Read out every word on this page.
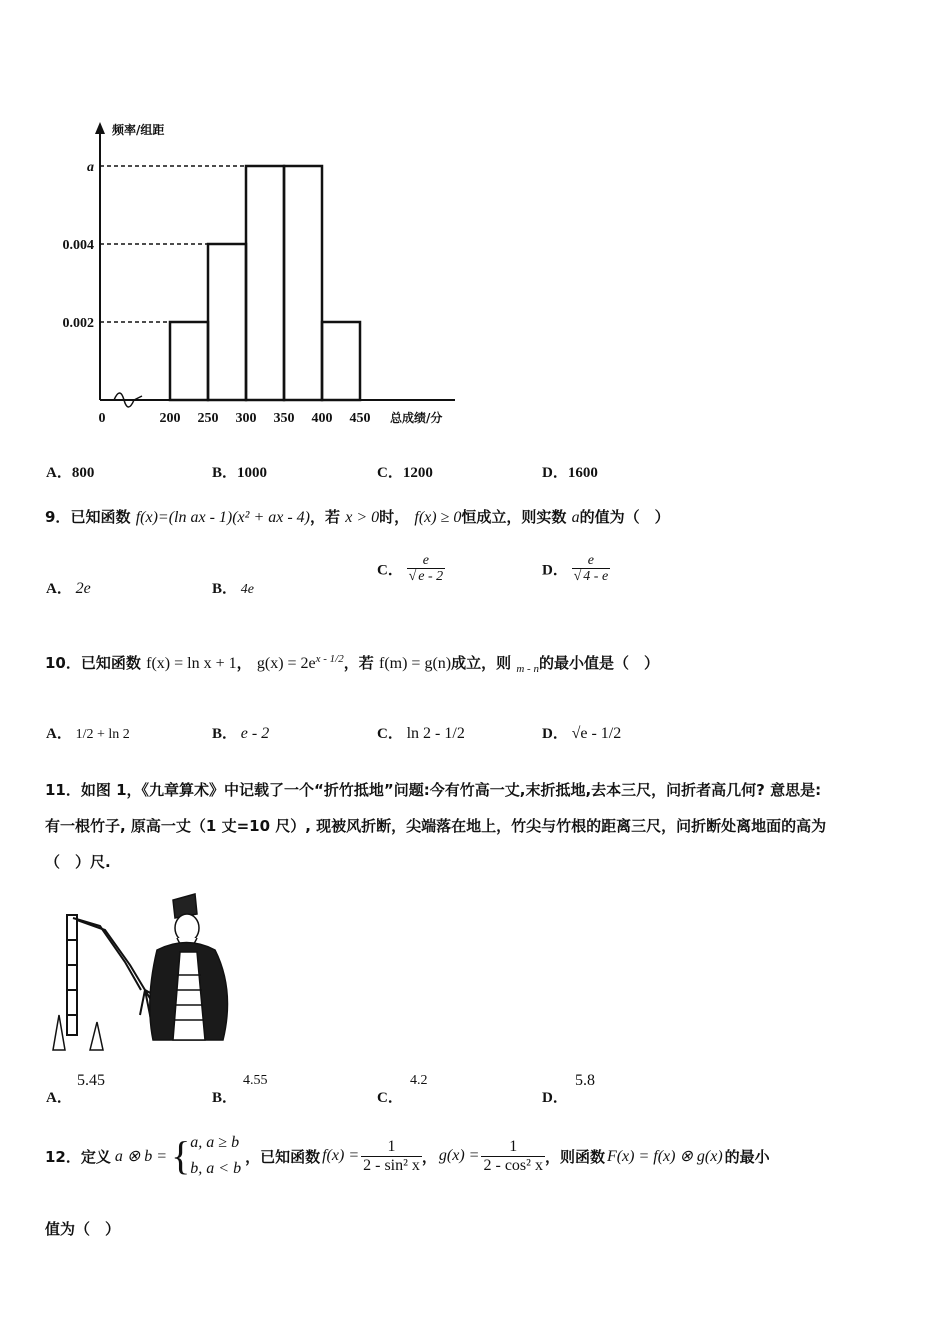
频率/组距
0.002
0.004
a
0	200 250 300 350 400 450 总成绩/分
A．800	B．1000	C．1200	D．1600
9．已知函数 f(x)=(ln ax - 1)(x² + ax - 4)，若 x > 0时， f(x) ≥ 0恒成立，则实数 a的值为（　）
A． 2e	B． 4e
C． $\frac{e}{√ e - 2}$	D． $\frac{e}{√ 4 - e}$
10．已知函数 f(x) = ln x + 1， $g(x) = 2e^{x - 1/2}$，若 f(m) = g(n)成立，则 $_{m - n}$的最小值是（　）
A． 1/2 + ln 2	B． e - 2	C． ln 2 - 1/2	D． √e - 1/2
11．如图 1，《九章算术》中记载了一个“折竹抵地”问题:今有竹高一丈,末折抵地,去本三尺，问折者高几何? 意思是:
有一根竹子, 原高一丈（1 丈=10 尺）, 现被风折断，尖端落在地上，竹尖与竹根的距离三尺，问折断处离地面的高为
（　）尺.
A．
5.45
B．
4.55
C．
4.2
D．
5.8
12． 定义 a ⊗ b = { a, a ≥ b
b, a < b
，已知函数 $f(x) = \frac{1}{\text{2 - sin² x}}$ ， $g(x) = \frac{1}{\text{2 - cos² x}}$ ，则函数 F(x) = f(x) ⊗ g(x) 的最小
值为（　）
